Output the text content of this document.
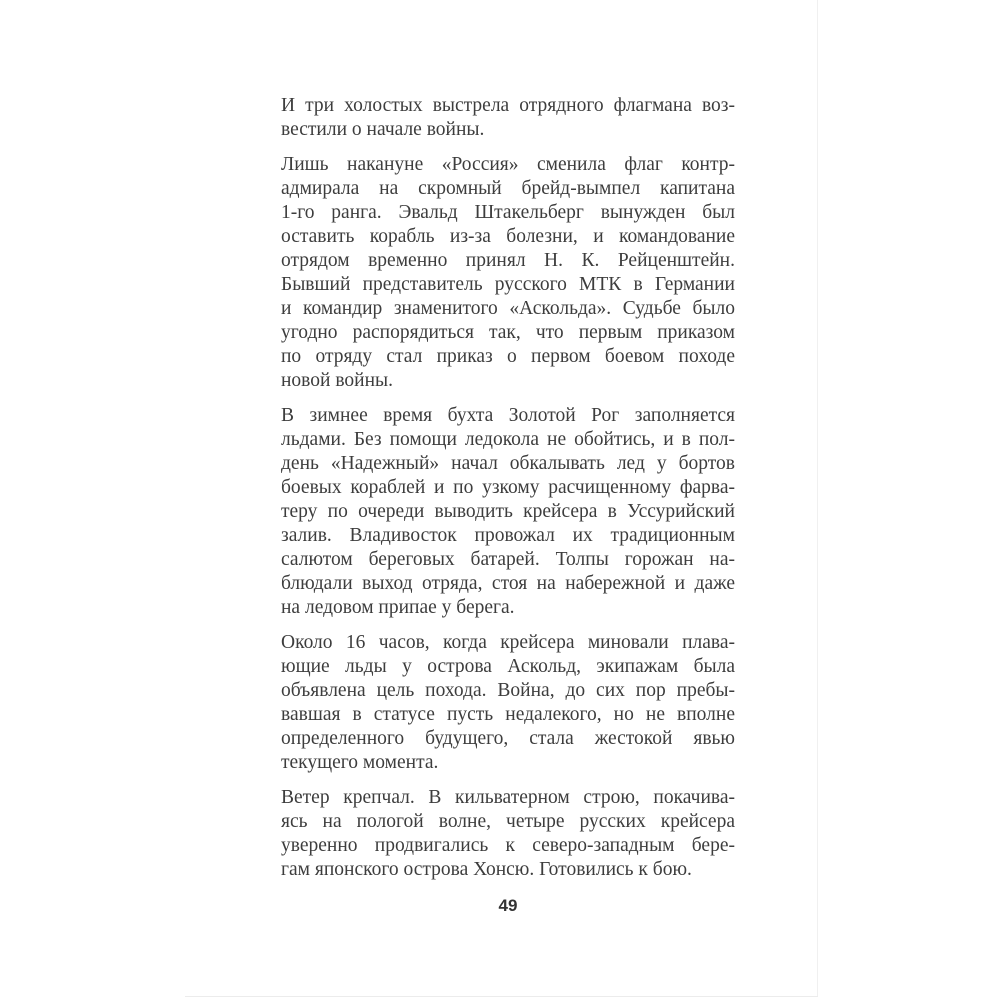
И три холостых выстрела отрядного флагмана воз-
вестили о начале войны.
Лишь накануне «Россия» сменила флаг контр-
адмирала на скромный брейд-вымпел капитана
1-го ранга. Эвальд Штакельберг вынужден был
оставить корабль из-за болезни, и командование
отрядом временно принял Н. К. Рейценштейн.
Бывший представитель русского МТК в Германии
и командир знаменитого «Аскольда». Судьбе было
угодно распорядиться так, что первым приказом
по отряду стал приказ о первом боевом походе
новой войны.
В зимнее время бухта Золотой Рог заполняется
льдами. Без помощи ледокола не обойтись, и в пол-
день «Надежный» начал обкалывать лед у бортов
боевых кораблей и по узкому расчищенному фарва-
теру по очереди выводить крейсера в Уссурийский
залив. Владивосток провожал их традиционным
салютом береговых батарей. Толпы горожан на-
блюдали выход отряда, стоя на набережной и даже
на ледовом припае у берега.
Около 16 часов, когда крейсера миновали плава-
ющие льды у острова Аскольд, экипажам была
объявлена цель похода. Война, до сих пор пребы-
вавшая в статусе пусть недалекого, но не вполне
определенного будущего, стала жестокой явью
текущего момента.
Ветер крепчал. В кильватерном строю, покачива-
ясь на пологой волне, четыре русских крейсера
уверенно продвигались к северо-западным бере-
гам японского острова Хонсю. Готовились к бою.
49
